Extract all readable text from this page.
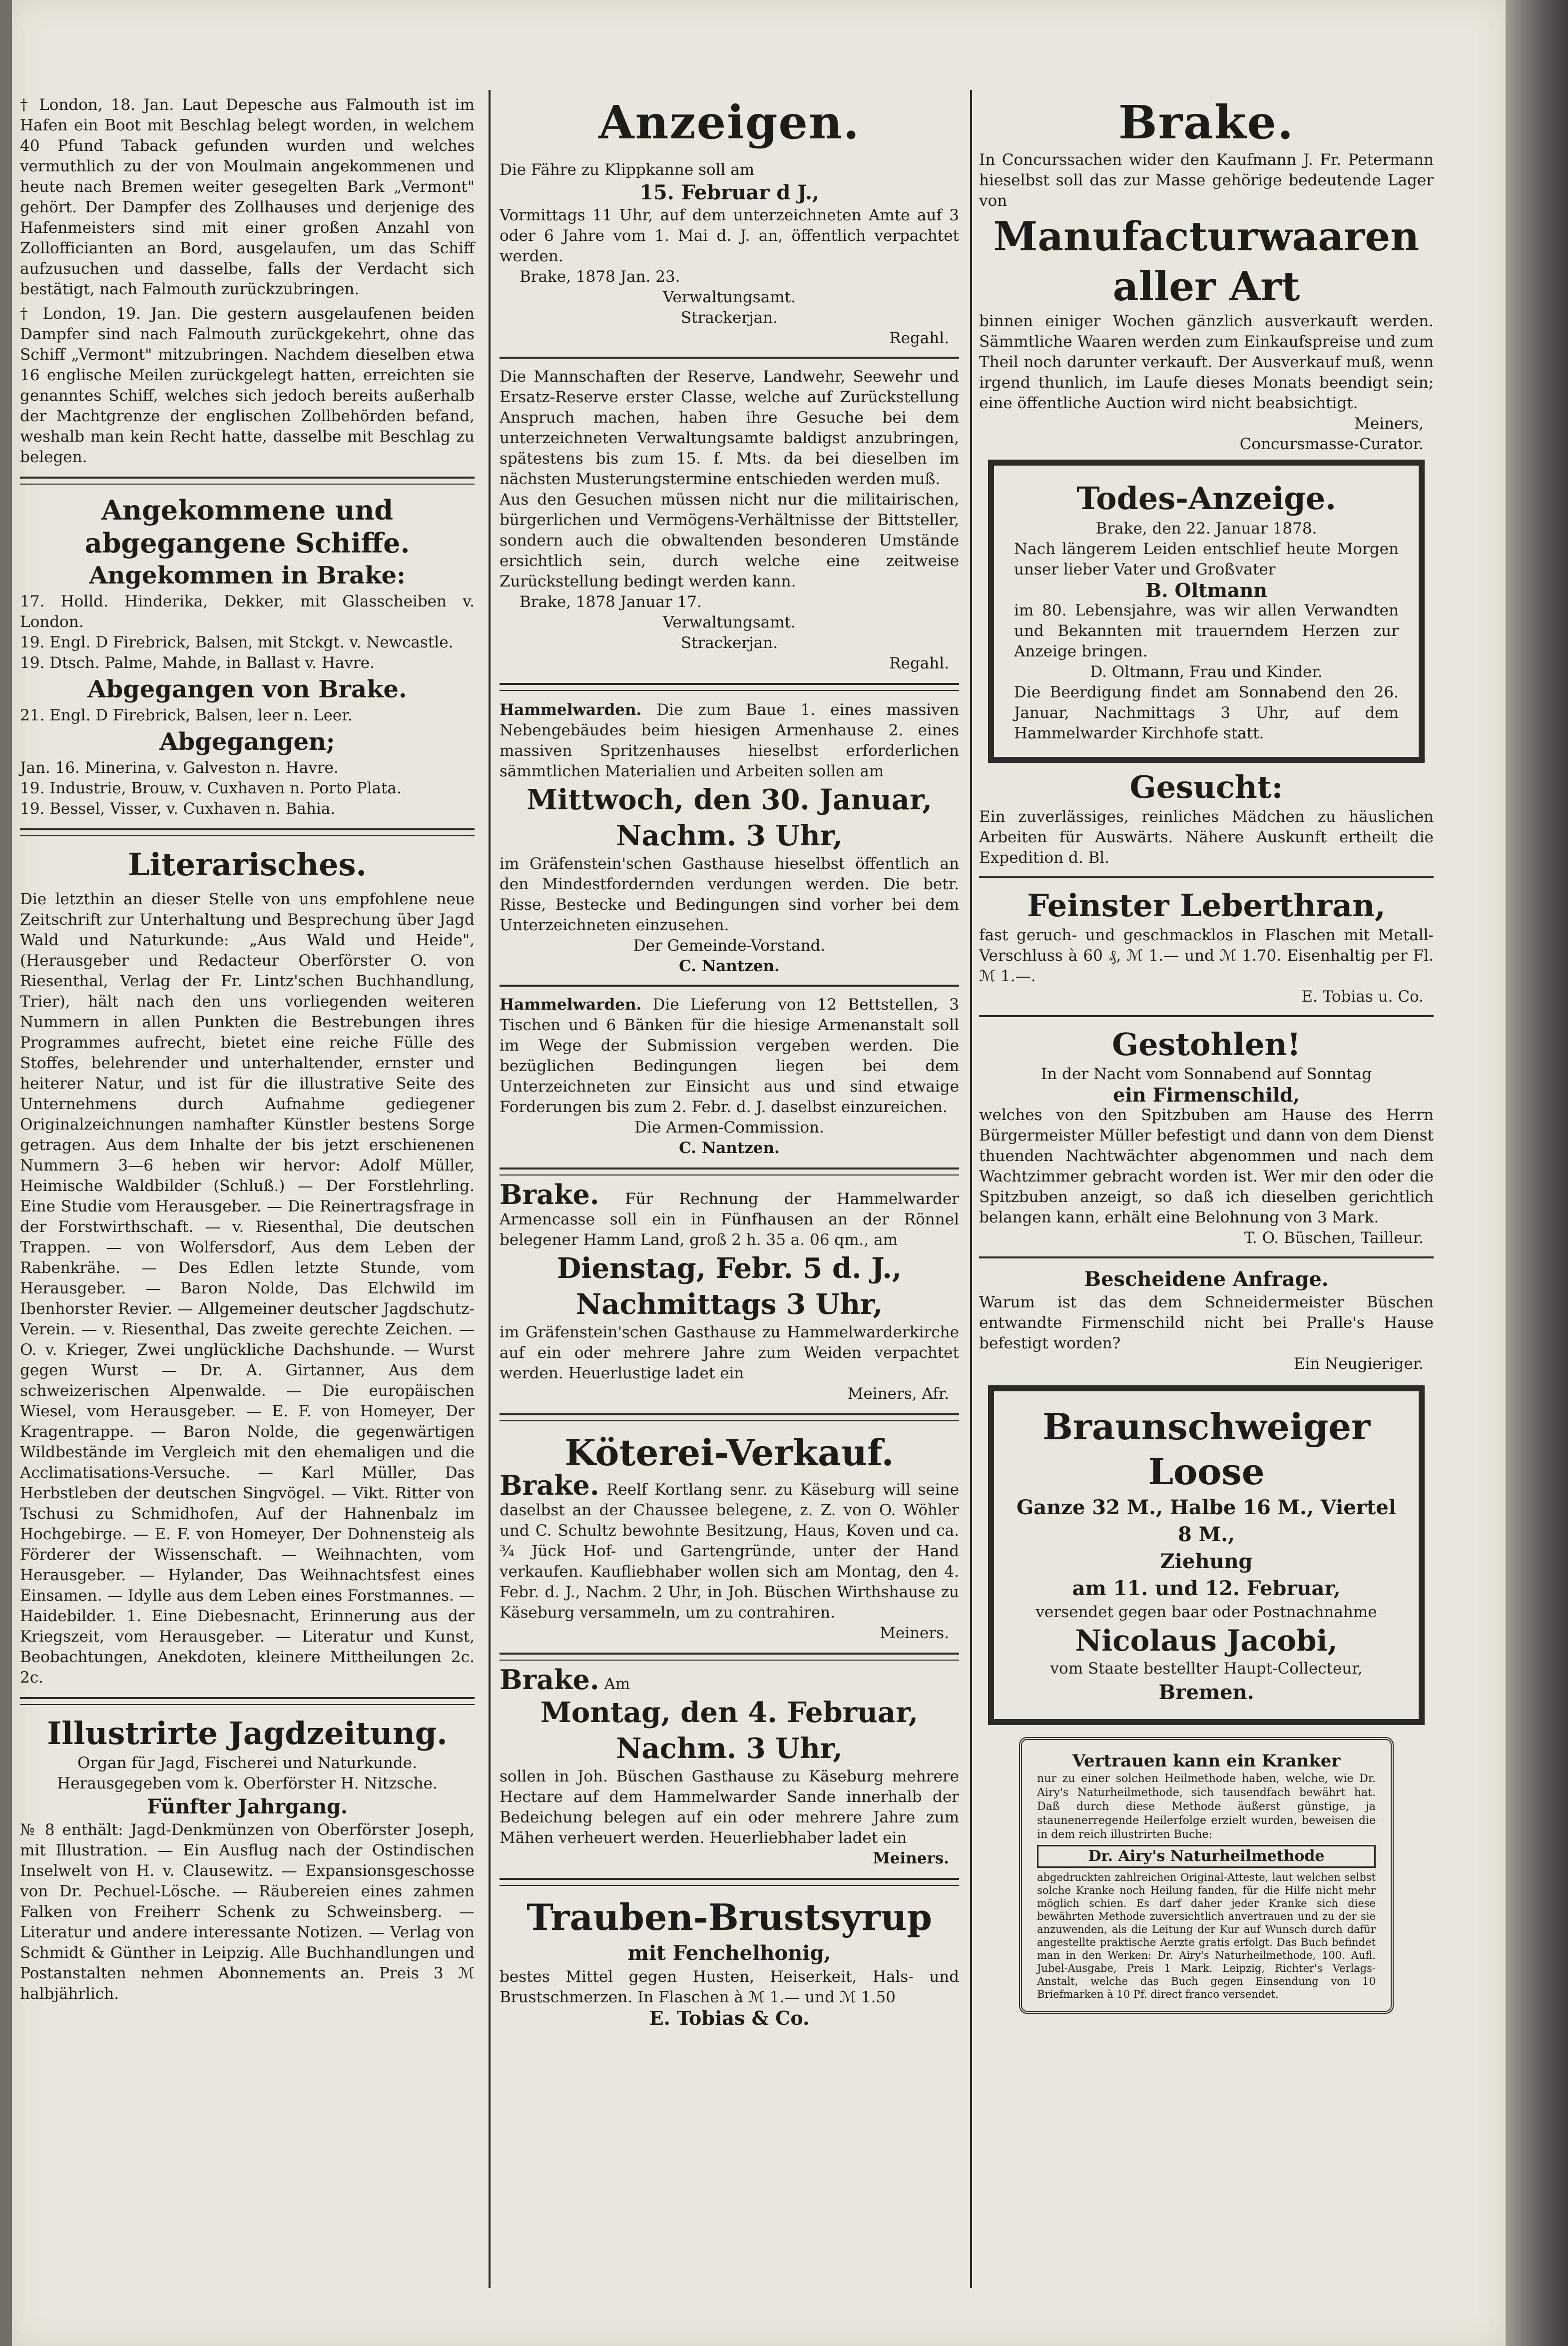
† London, 18. Jan. Laut Depesche aus Falmouth ist im Hafen ein Boot mit Beschlag belegt worden, in welchem 40 Pfund Taback gefunden wurden und welches vermuthlich zu der von Moulmain angekommenen und heute nach Bremen weiter gesegelten Bark „Vermont" gehört. Der Dampfer des Zollhauses und derjenige des Hafenmeisters sind mit einer großen Anzahl von Zollofficianten an Bord, ausgelaufen, um das Schiff aufzusuchen und dasselbe, falls der Verdacht sich bestätigt, nach Falmouth zurückzubringen.

† London, 19. Jan. Die gestern ausgelaufenen beiden Dampfer sind nach Falmouth zurückgekehrt, ohne das Schiff „Vermont" mitzubringen. Nachdem dieselben etwa 16 englische Meilen zurückgelegt hatten, erreichten sie genanntes Schiff, welches sich jedoch bereits außerhalb der Machtgrenze der englischen Zollbehörden befand, weshalb man kein Recht hatte, dasselbe mit Beschlag zu belegen.

Angekommene und abgegangene Schiffe.
Angekommen in Brake:

17. Holld. Hinderika, Dekker, mit Glasscheiben v. London.

19. Engl. D Firebrick, Balsen, mit Stckgt. v. Newcastle.

19. Dtsch. Palme, Mahde, in Ballast v. Havre.

Abgegangen von Brake.

21. Engl. D Firebrick, Balsen, leer n. Leer.

Abgegangen;

Jan. 16. Minerina, v. Galveston n. Havre.

19. Industrie, Brouw, v. Cuxhaven n. Porto Plata.

19. Bessel, Visser, v. Cuxhaven n. Bahia.

Literarisches.

Die letzthin an dieser Stelle von uns empfohlene neue Zeitschrift zur Unterhaltung und Besprechung über Jagd Wald und Naturkunde: „Aus Wald und Heide", (Herausgeber und Redacteur Oberförster O. von Riesenthal, Verlag der Fr. Lintz'schen Buchhandlung, Trier), hält nach den uns vorliegenden weiteren Nummern in allen Punkten die Bestrebungen ihres Programmes aufrecht, bietet eine reiche Fülle des Stoffes, belehrender und unterhaltender, ernster und heiterer Natur, und ist für die illustrative Seite des Unternehmens durch Aufnahme gediegener Originalzeichnungen namhafter Künstler bestens Sorge getragen. Aus dem Inhalte der bis jetzt erschienenen Nummern 3—6 heben wir hervor: Adolf Müller, Heimische Waldbilder (Schluß.) — Der Forstlehrling. Eine Studie vom Herausgeber. — Die Reinertragsfrage in der Forstwirthschaft. — v. Riesenthal, Die deutschen Trappen. — von Wolfersdorf, Aus dem Leben der Rabenkrähe. — Des Edlen letzte Stunde, vom Herausgeber. — Baron Nolde, Das Elchwild im Ibenhorster Revier. — Allgemeiner deutscher Jagdschutz-Verein. — v. Riesenthal, Das zweite gerechte Zeichen. — O. v. Krieger, Zwei unglückliche Dachshunde. — Wurst gegen Wurst — Dr. A. Girtanner, Aus dem schweizerischen Alpenwalde. — Die europäischen Wiesel, vom Herausgeber. — E. F. von Homeyer, Der Kragentrappe. — Baron Nolde, die gegenwärtigen Wildbestände im Vergleich mit den ehemaligen und die Acclimatisations-Versuche. — Karl Müller, Das Herbstleben der deutschen Singvögel. — Vikt. Ritter von Tschusi zu Schmidhofen, Auf der Hahnenbalz im Hochgebirge. — E. F. von Homeyer, Der Dohnensteig als Förderer der Wissenschaft. — Weihnachten, vom Herausgeber. — Hylander, Das Weihnachtsfest eines Einsamen. — Idylle aus dem Leben eines Forstmannes. — Haidebilder. 1. Eine Diebesnacht, Erinnerung aus der Kriegszeit, vom Herausgeber. — Literatur und Kunst, Beobachtungen, Anekdoten, kleinere Mittheilungen 2c. 2c.

Illustrirte Jagdzeitung.

Organ für Jagd, Fischerei und Naturkunde. Herausgegeben vom k. Oberförster H. Nitzsche.

Fünfter Jahrgang.

№ 8 enthält: Jagd-Denkmünzen von Oberförster Joseph, mit Illustration. — Ein Ausflug nach der Ostindischen Inselwelt von H. v. Clausewitz. — Expansionsgeschosse von Dr. Pechuel-Lösche. — Räubereien eines zahmen Falken von Freiherr Schenk zu Schweinsberg. — Literatur und andere interessante Notizen. — Verlag von Schmidt & Günther in Leipzig. Alle Buchhandlungen und Postanstalten nehmen Abonnements an. Preis 3 ℳ halbjährlich.

Anzeigen.

Die Fähre zu Klippkanne soll am

15. Februar d J.,

Vormittags 11 Uhr, auf dem unterzeichneten Amte auf 3 oder 6 Jahre vom 1. Mai d. J. an, öffentlich verpachtet werden.

Brake, 1878 Jan. 23.

Verwaltungsamt.

Strackerjan.

Regahl.

Die Mannschaften der Reserve, Landwehr, Seewehr und Ersatz-Reserve erster Classe, welche auf Zurückstellung Anspruch machen, haben ihre Gesuche bei dem unterzeichneten Verwaltungsamte baldigst anzubringen, spätestens bis zum 15. f. Mts. da bei dieselben im nächsten Musterungstermine entschieden werden muß.

Aus den Gesuchen müssen nicht nur die militairischen, bürgerlichen und Vermögens-Verhältnisse der Bittsteller, sondern auch die obwaltenden besonderen Umstände ersichtlich sein, durch welche eine zeitweise Zurückstellung bedingt werden kann.

Brake, 1878 Januar 17.

Verwaltungsamt.

Strackerjan.

Regahl.

Hammelwarden. Die zum Baue 1. eines massiven Nebengebäudes beim hiesigen Armenhause 2. eines massiven Spritzenhauses hieselbst erforderlichen sämmtlichen Materialien und Arbeiten sollen am

Mittwoch, den 30. Januar,
Nachm. 3 Uhr,

im Gräfenstein'schen Gasthause hieselbst öffentlich an den Mindestfordernden verdungen werden. Die betr. Risse, Bestecke und Bedingungen sind vorher bei dem Unterzeichneten einzusehen.

Der Gemeinde-Vorstand.

C. Nantzen.

Hammelwarden. Die Lieferung von 12 Bettstellen, 3 Tischen und 6 Bänken für die hiesige Armenanstalt soll im Wege der Submission vergeben werden. Die bezüglichen Bedingungen liegen bei dem Unterzeichneten zur Einsicht aus und sind etwaige Forderungen bis zum 2. Febr. d. J. daselbst einzureichen.

Die Armen-Commission.

C. Nantzen.

Brake. Für Rechnung der Hammelwarder Armencasse soll ein in Fünfhausen an der Rönnel belegener Hamm Land, groß 2 h. 35 a. 06 qm., am

Dienstag, Febr. 5 d. J.,
Nachmittags 3 Uhr,

im Gräfenstein'schen Gasthause zu Hammelwarderkirche auf ein oder mehrere Jahre zum Weiden verpachtet werden. Heuerlustige ladet ein

Meiners, Afr.

Köterei-Verkauf.

Brake. Reelf Kortlang senr. zu Käseburg will seine daselbst an der Chaussee belegene, z. Z. von O. Wöhler und C. Schultz bewohnte Besitzung, Haus, Koven und ca. ¾ Jück Hof- und Gartengründe, unter der Hand verkaufen. Kaufliebhaber wollen sich am Montag, den 4. Febr. d. J., Nachm. 2 Uhr, in Joh. Büschen Wirthshause zu Käseburg versammeln, um zu contrahiren.

Meiners.

Brake. Am

Montag, den 4. Februar,
Nachm. 3 Uhr,

sollen in Joh. Büschen Gasthause zu Käseburg mehrere Hectare auf dem Hammelwarder Sande innerhalb der Bedeichung belegen auf ein oder mehrere Jahre zum Mähen verheuert werden. Heuerliebhaber ladet ein

Meiners.

Trauben-Brustsyrup
mit Fenchelhonig,

bestes Mittel gegen Husten, Heiserkeit, Hals- und Brustschmerzen. In Flaschen à ℳ 1.— und ℳ 1.50

E. Tobias & Co.

Brake.

In Concurssachen wider den Kaufmann J. Fr. Petermann hieselbst soll das zur Masse gehörige bedeutende Lager von

Manufacturwaaren aller Art

binnen einiger Wochen gänzlich ausverkauft werden. Sämmtliche Waaren werden zum Einkaufspreise und zum Theil noch darunter verkauft. Der Ausverkauf muß, wenn irgend thunlich, im Laufe dieses Monats beendigt sein; eine öffentliche Auction wird nicht beabsichtigt.

Meiners,

Concursmasse-Curator.

Todes-Anzeige.

Brake, den 22. Januar 1878.

Nach längerem Leiden entschlief heute Morgen unser lieber Vater und Großvater

B. Oltmann

im 80. Lebensjahre, was wir allen Verwandten und Bekannten mit trauerndem Herzen zur Anzeige bringen.

D. Oltmann, Frau und Kinder.

Die Beerdigung findet am Sonnabend den 26. Januar, Nachmittags 3 Uhr, auf dem Hammelwarder Kirchhofe statt.

Gesucht:

Ein zuverlässiges, reinliches Mädchen zu häuslichen Arbeiten für Auswärts. Nähere Auskunft ertheilt die Expedition d. Bl.

Feinster Leberthran,

fast geruch- und geschmacklos in Flaschen mit Metall-Verschluss à 60 ₰, ℳ 1.— und ℳ 1.70. Eisenhaltig per Fl. ℳ 1.—.

E. Tobias u. Co.

Gestohlen!

In der Nacht vom Sonnabend auf Sonntag

ein Firmenschild,

welches von den Spitzbuben am Hause des Herrn Bürgermeister Müller befestigt und dann von dem Dienst thuenden Nachtwächter abgenommen und nach dem Wachtzimmer gebracht worden ist. Wer mir den oder die Spitzbuben anzeigt, so daß ich dieselben gerichtlich belangen kann, erhält eine Belohnung von 3 Mark.

T. O. Büschen, Tailleur.

Bescheidene Anfrage.

Warum ist das dem Schneidermeister Büschen entwandte Firmenschild nicht bei Pralle's Hause befestigt worden?

Ein Neugieriger.

Braunschweiger
Loose
Ganze 32 M., Halbe 16 M., Viertel 8 M.,
Ziehung
am 11. und 12. Februar,

versendet gegen baar oder Postnachnahme

Nicolaus Jacobi,

vom Staate bestellter Haupt-Collecteur,

Bremen.

Vertrauen kann ein Kranker

nur zu einer solchen Heilmethode haben, welche, wie Dr. Airy's Naturheilmethode, sich tausendfach bewährt hat. Daß durch diese Methode äußerst günstige, ja staunenerregende Heilerfolge erzielt wurden, beweisen die in dem reich illustrirten Buche:

Dr. Airy's Naturheilmethode

abgedruckten zahlreichen Original-Atteste, laut welchen selbst solche Kranke noch Heilung fanden, für die Hilfe nicht mehr möglich schien. Es darf daher jeder Kranke sich diese bewährten Methode zuversichtlich anvertrauen und zu der sie anzuwenden, als die Leitung der Kur auf Wunsch durch dafür angestellte praktische Aerzte gratis erfolgt. Das Buch befindet man in den Werken: Dr. Airy's Naturheilmethode, 100. Aufl. Jubel-Ausgabe, Preis 1 Mark. Leipzig, Richter's Verlags-Anstalt, welche das Buch gegen Einsendung von 10 Briefmarken à 10 Pf. direct franco versendet.
